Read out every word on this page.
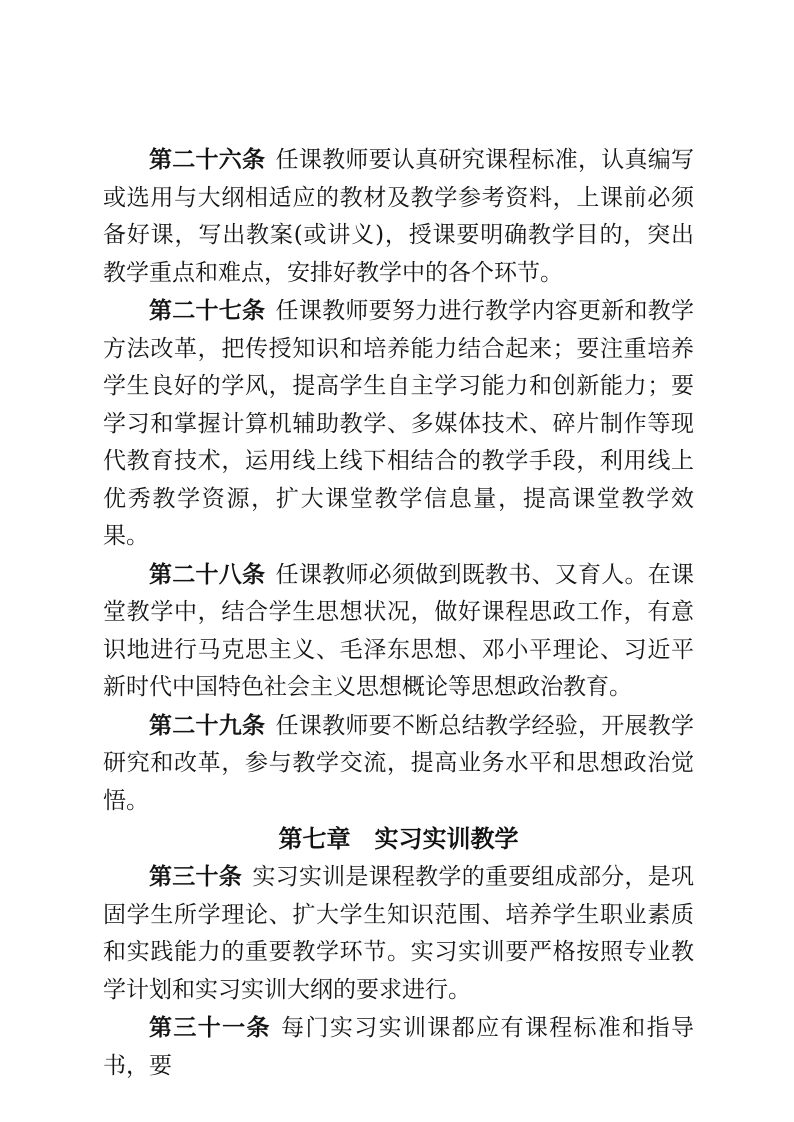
第二十六条 任课教师要认真研究课程标准，认真编写或选用与大纲相适应的教材及教学参考资料，上课前必须备好课，写出教案(或讲义)，授课要明确教学目的，突出教学重点和难点，安排好教学中的各个环节。

第二十七条 任课教师要努力进行教学内容更新和教学方法改革，把传授知识和培养能力结合起来；要注重培养学生良好的学风，提高学生自主学习能力和创新能力；要学习和掌握计算机辅助教学、多媒体技术、碎片制作等现代教育技术，运用线上线下相结合的教学手段，利用线上优秀教学资源，扩大课堂教学信息量，提高课堂教学效果。

第二十八条 任课教师必须做到既教书、又育人。在课堂教学中，结合学生思想状况，做好课程思政工作，有意识地进行马克思主义、毛泽东思想、邓小平理论、习近平新时代中国特色社会主义思想概论等思想政治教育。

第二十九条 任课教师要不断总结教学经验，开展教学研究和改革，参与教学交流，提高业务水平和思想政治觉悟。

第七章　实习实训教学

第三十条 实习实训是课程教学的重要组成部分，是巩固学生所学理论、扩大学生知识范围、培养学生职业素质和实践能力的重要教学环节。实习实训要严格按照专业教学计划和实习实训大纲的要求进行。

第三十一条 每门实习实训课都应有课程标准和指导书，要
